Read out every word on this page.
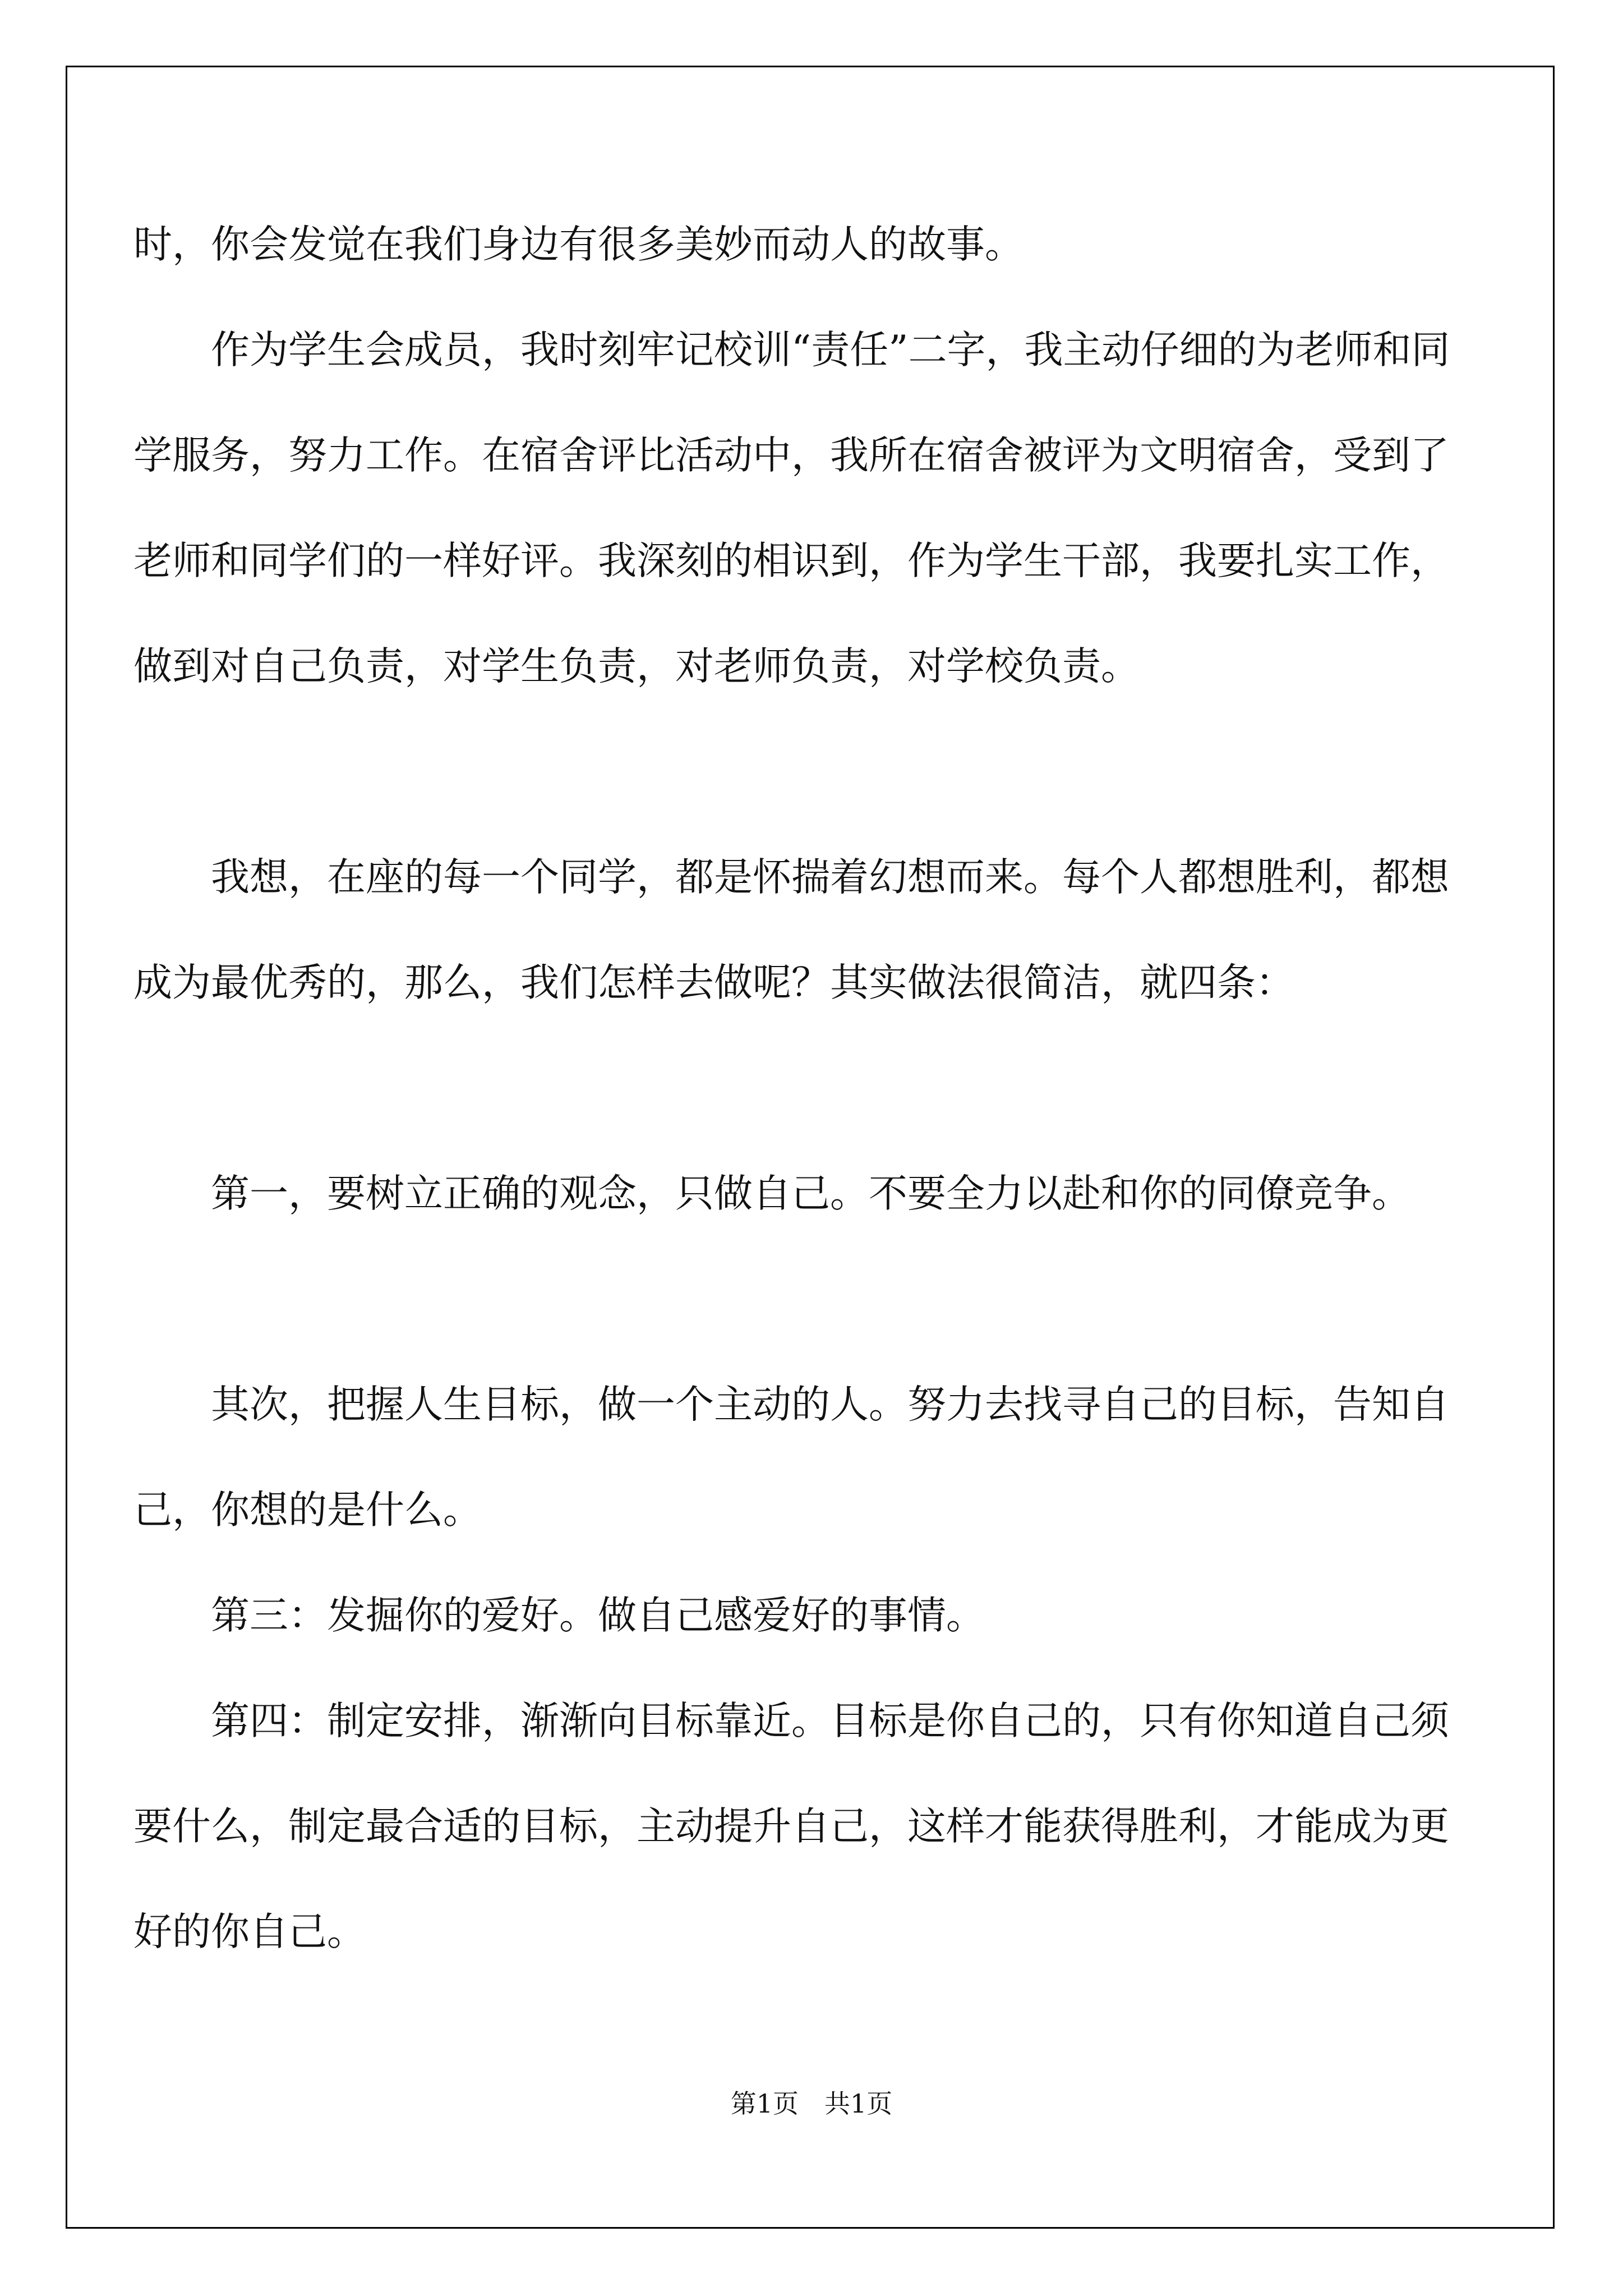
时，你会发觉在我们身边有很多美妙而动人的故事。

　　作为学生会成员，我时刻牢记校训“责任”二字，我主动仔细的为老师和同学服务，努力工作。在宿舍评比活动中，我所在宿舍被评为文明宿舍，受到了老师和同学们的一样好评。我深刻的相识到，作为学生干部，我要扎实工作，做到对自己负责，对学生负责，对老师负责，对学校负责。

　　我想，在座的每一个同学，都是怀揣着幻想而来。每个人都想胜利，都想成为最优秀的，那么，我们怎样去做呢？其实做法很简洁，就四条：

　　第一，要树立正确的观念，只做自己。不要全力以赴和你的同僚竞争。

　　其次，把握人生目标，做一个主动的人。努力去找寻自己的目标，告知自己，你想的是什么。

　　第三：发掘你的爱好。做自己感爱好的事情。

　　第四：制定安排，渐渐向目标靠近。目标是你自己的，只有你知道自己须要什么，制定最合适的目标，主动提升自己，这样才能获得胜利，才能成为更好的你自己。

第1页　共1页
